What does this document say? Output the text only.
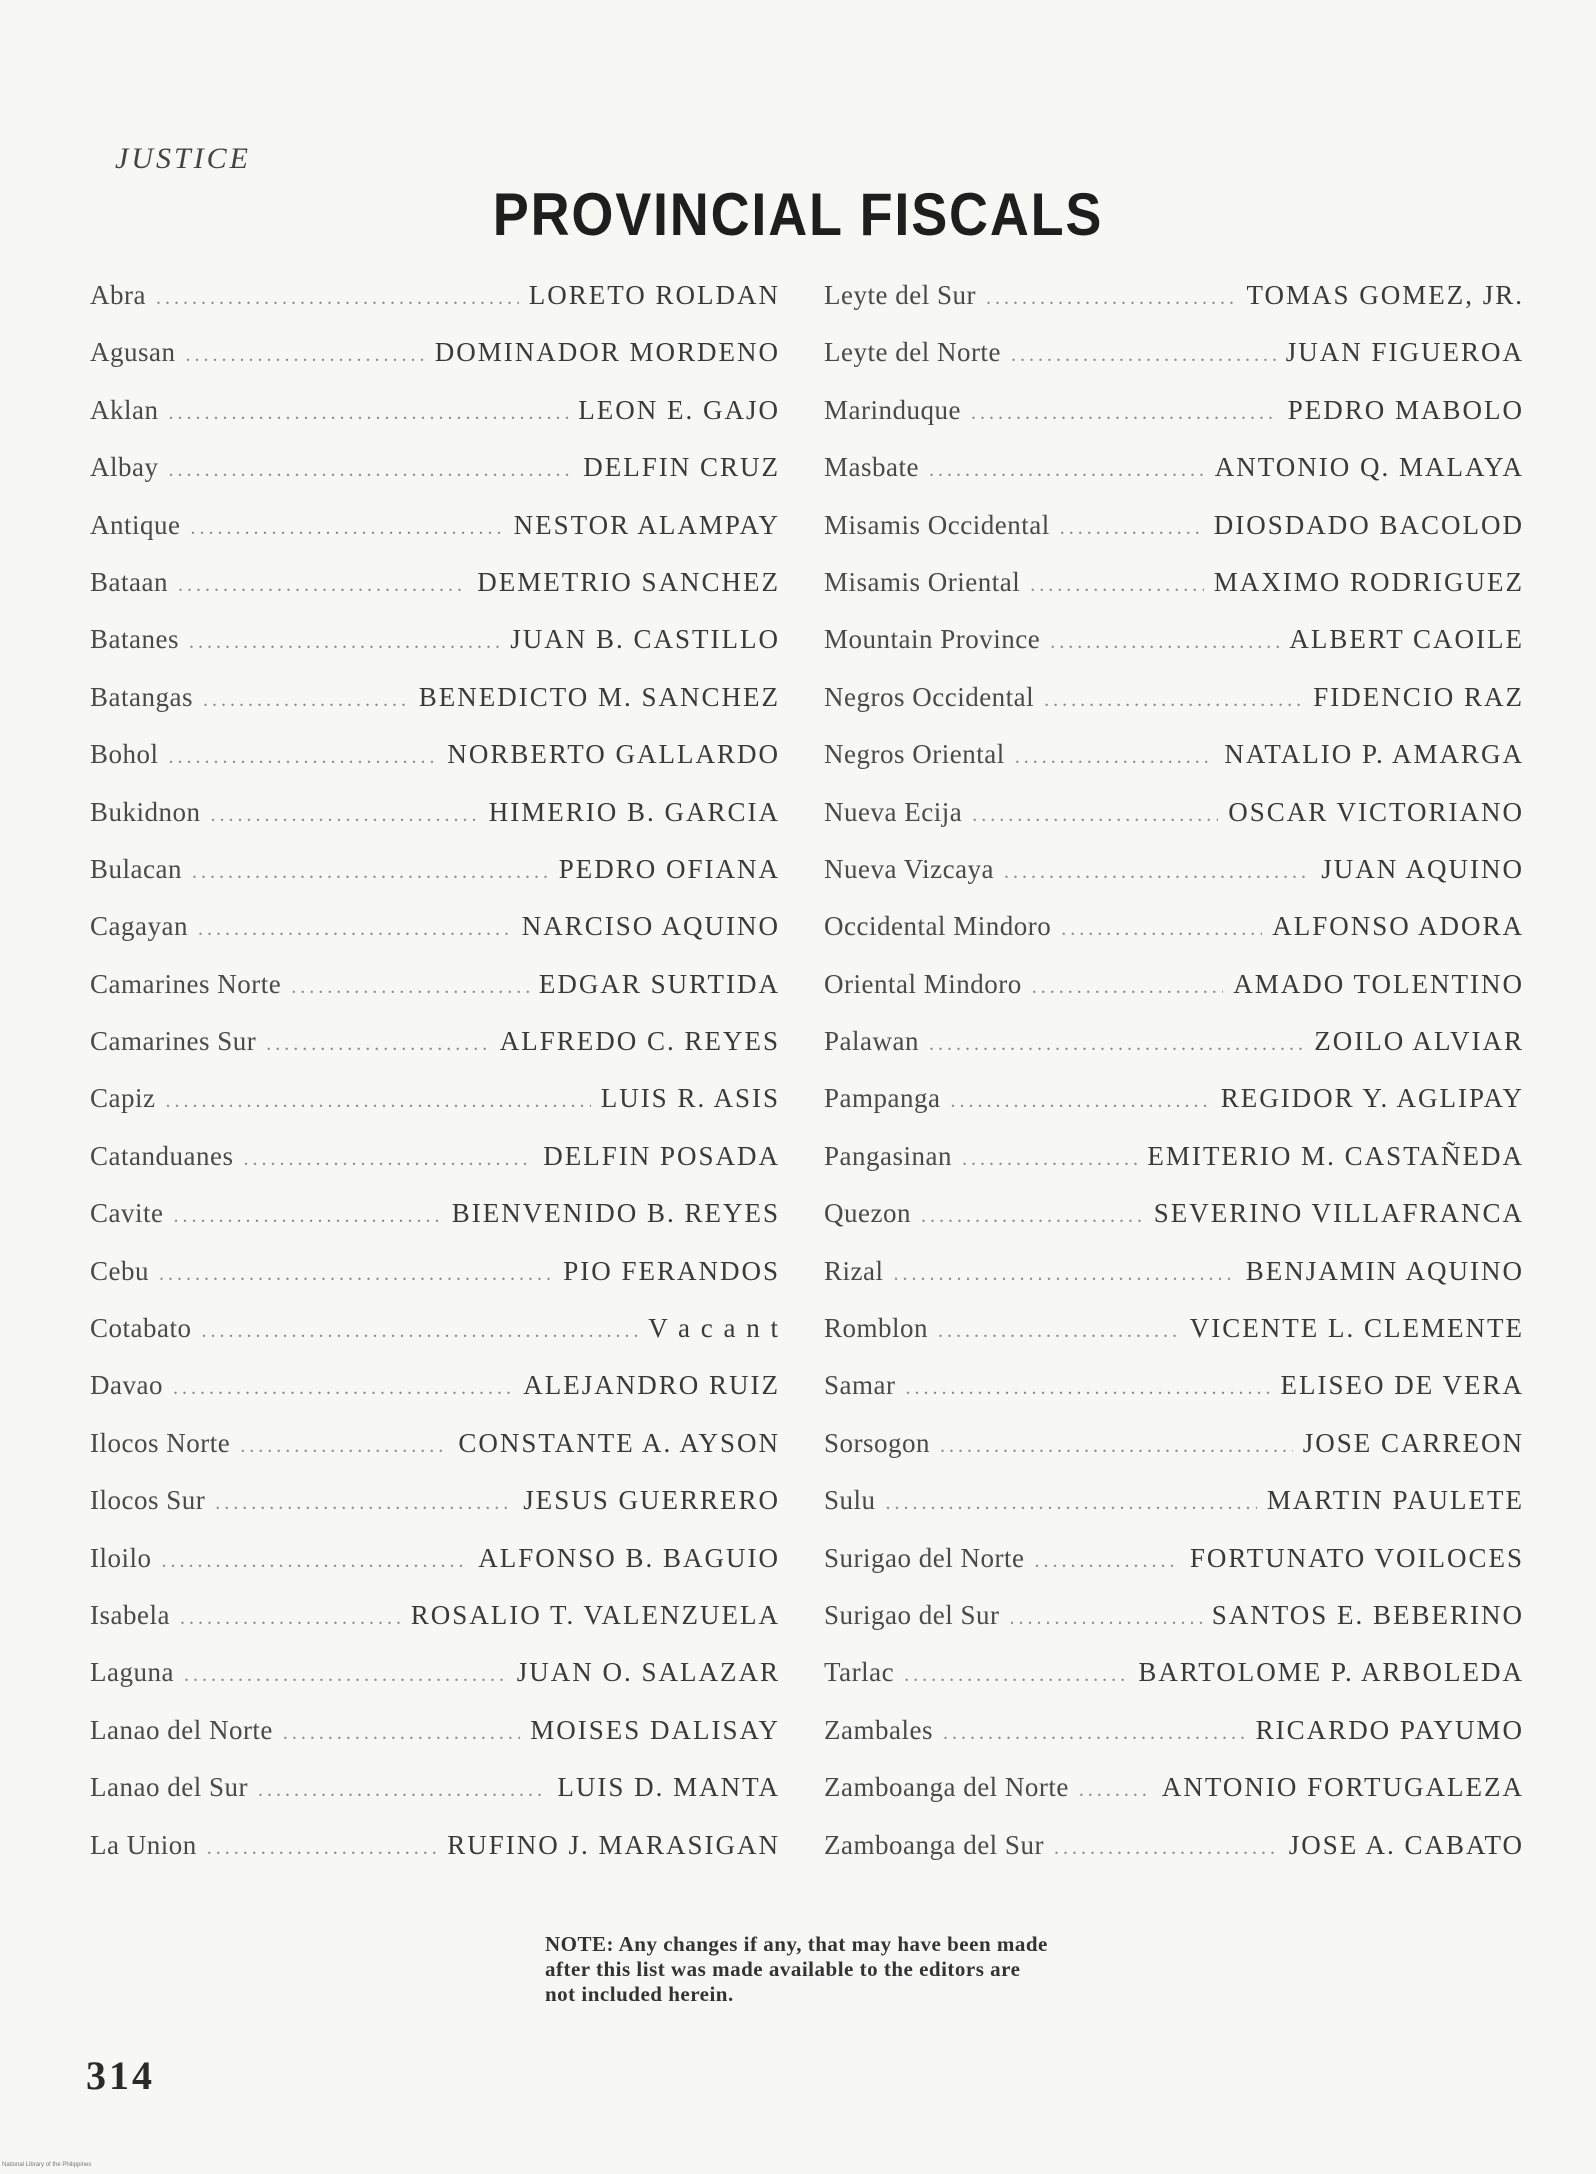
JUSTICE
PROVINCIAL FISCALS
Abra .....	LORETO ROLDAN
Agusan .....	DOMINADOR MORDENO
Aklan .....	LEON E. GAJO
Albay .....	DELFIN CRUZ
Antique .....	NESTOR ALAMPAY
Bataan .....	DEMETRIO SANCHEZ
Batanes .....	JUAN B. CASTILLO
Batangas .....	BENEDICTO M. SANCHEZ
Bohol .....	NORBERTO GALLARDO
Bukidnon .....	HIMERIO B. GARCIA
Bulacan .....	PEDRO OFIANA
Cagayan .....	NARCISO AQUINO
Camarines Norte .....	EDGAR SURTIDA
Camarines Sur .....	ALFREDO C. REYES
Capiz .....	LUIS R. ASIS
Catanduanes .....	DELFIN POSADA
Cavite .....	BIENVENIDO B. REYES
Cebu .....	PIO FERANDOS
Cotabato .....	V a c a n t
Davao .....	ALEJANDRO RUIZ
Ilocos Norte .....	CONSTANTE A. AYSON
Ilocos Sur .....	JESUS GUERRERO
Iloilo .....	ALFONSO B. BAGUIO
Isabela .....	ROSALIO T. VALENZUELA
Laguna .....	JUAN O. SALAZAR
Lanao del Norte .....	MOISES DALISAY
Lanao del Sur .....	LUIS D. MANTA
La Union .....	RUFINO J. MARASIGAN
Leyte del Sur .....	TOMAS GOMEZ, JR.
Leyte del Norte .....	JUAN FIGUEROA
Marinduque .....	PEDRO MABOLO
Masbate .....	ANTONIO Q. MALAYA
Misamis Occidental .....	DIOSDADO BACOLOD
Misamis Oriental .....	MAXIMO RODRIGUEZ
Mountain Province .....	ALBERT CAOILE
Negros Occidental .....	FIDENCIO RAZ
Negros Oriental .....	NATALIO P. AMARGA
Nueva Ecija .....	OSCAR VICTORIANO
Nueva Vizcaya .....	JUAN AQUINO
Occidental Mindoro .....	ALFONSO ADORA
Oriental Mindoro .....	AMADO TOLENTINO
Palawan .....	ZOILO ALVIAR
Pampanga .....	REGIDOR Y. AGLIPAY
Pangasinan .....	EMITERIO M. CASTAÑEDA
Quezon .....	SEVERINO VILLAFRANCA
Rizal .....	BENJAMIN AQUINO
Romblon .....	VICENTE L. CLEMENTE
Samar .....	ELISEO DE VERA
Sorsogon .....	JOSE CARREON
Sulu .....	MARTIN PAULETE
Surigao del Norte .....	FORTUNATO VOILOCES
Surigao del Sur .....	SANTOS E. BEBERINO
Tarlac .....	BARTOLOME P. ARBOLEDA
Zambales .....	RICARDO PAYUMO
Zamboanga del Norte .....	ANTONIO FORTUGALEZA
Zamboanga del Sur .....	JOSE A. CABATO
NOTE: Any changes if any, that may have been made
after this list was made available to the editors are
not included herein.
314
National Library of the Philippines
